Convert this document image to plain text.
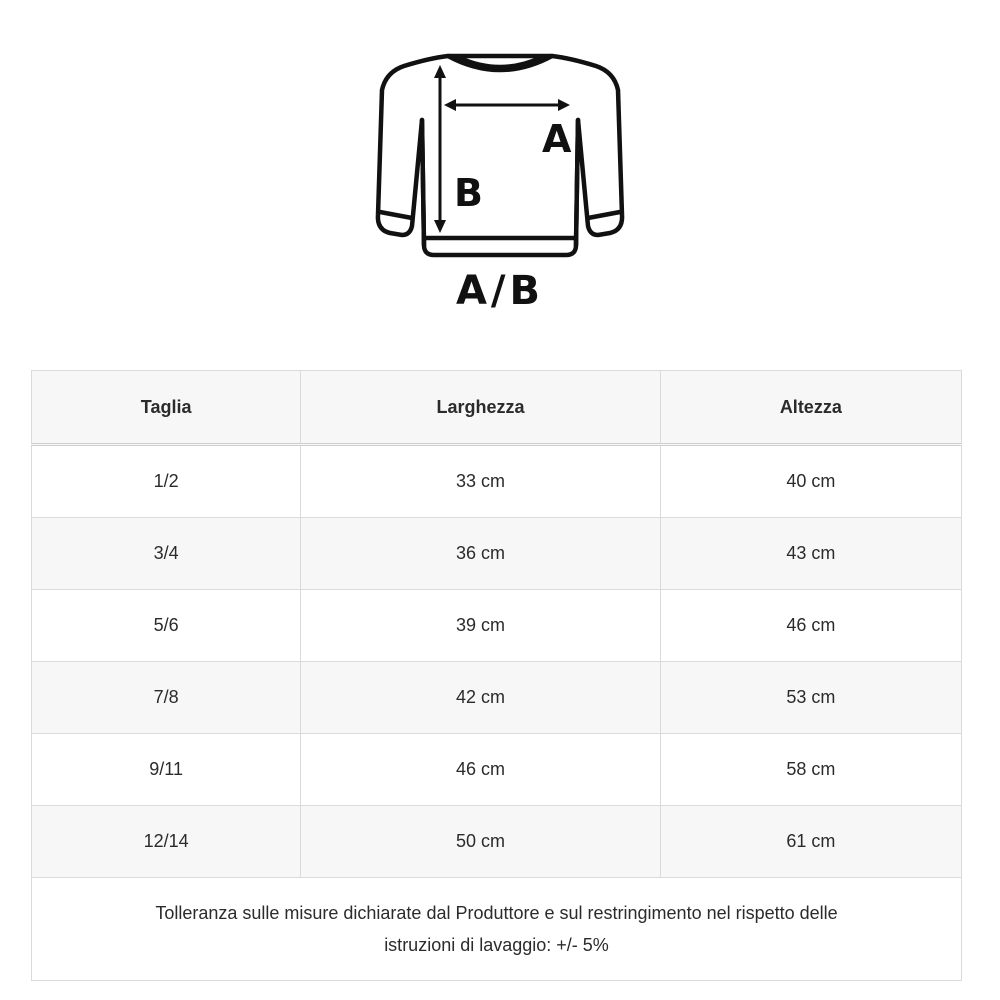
A
B
A/B
Taglia	Larghezza	Altezza
1/2	33 cm	40 cm
3/4	36 cm	43 cm
5/6	39 cm	46 cm
7/8	42 cm	53 cm
9/11	46 cm	58 cm
12/14	50 cm	61 cm
Tolleranza sulle misure dichiarate dal Produttore e sul restringimento nel rispetto delle istruzioni di lavaggio: +/- 5%		
